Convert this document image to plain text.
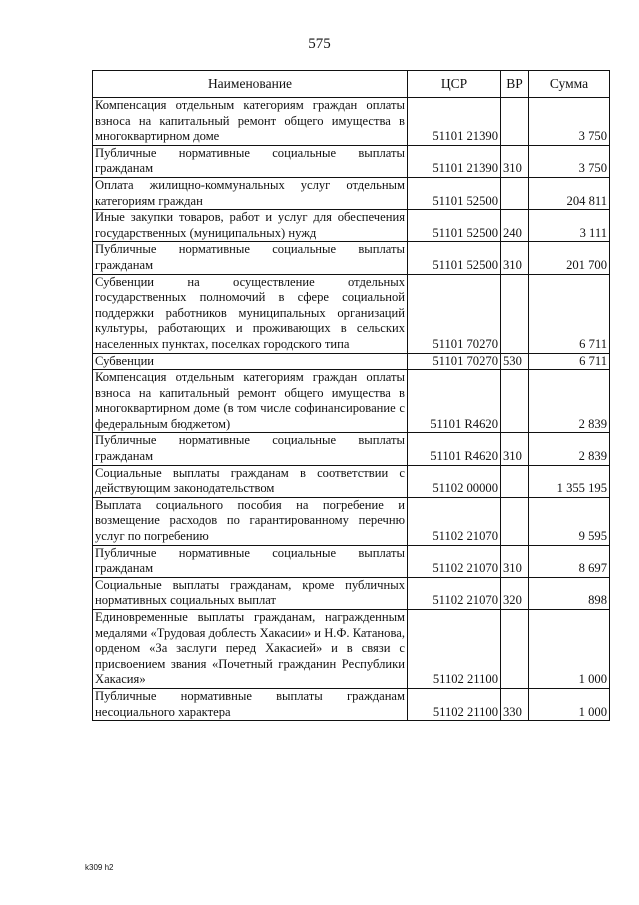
575
Наименование	ЦСР	ВР	Сумма
Компенсация отдельным категориям граждан оплаты взноса на капитальный ремонт общего имущества в многоквартирном доме	51101 21390		3 750
Публичные нормативные социальные выплаты гражданам	51101 21390	310	3 750
Оплата жилищно-коммунальных услуг отдельным категориям граждан	51101 52500		204 811
Иные закупки товаров, работ и услуг для обеспечения государственных (муниципальных) нужд	51101 52500	240	3 111
Публичные нормативные социальные выплаты гражданам	51101 52500	310	201 700
Субвенции на осуществление отдельных государственных полномочий в сфере социальной поддержки работников муниципальных организаций культуры, работающих и проживающих в сельских населенных пунктах, поселках городского типа	51101 70270		6 711
Субвенции	51101 70270	530	6 711
Компенсация отдельным категориям граждан оплаты взноса на капитальный ремонт общего имущества в многоквартирном доме (в том числе софинансирование с федеральным бюджетом)	51101 R4620		2 839
Публичные нормативные социальные выплаты гражданам	51101 R4620	310	2 839
Социальные выплаты гражданам в соответствии с действующим законодательством	51102 00000		1 355 195
Выплата социального пособия на погребение и возмещение расходов по гарантированному перечню услуг по погребению	51102 21070		9 595
Публичные нормативные социальные выплаты гражданам	51102 21070	310	8 697
Социальные выплаты гражданам, кроме публичных нормативных социальных выплат	51102 21070	320	898
Единовременные выплаты гражданам, награжденным медалями «Трудовая доблесть Хакасии» и Н.Ф. Катанова, орденом «За заслуги перед Хакасией» и в связи с присвоением звания «Почетный гражданин Республики Хакасия»	51102 21100		1 000
Публичные нормативные выплаты гражданам несоциального характера	51102 21100	330	1 000
k309 h2
